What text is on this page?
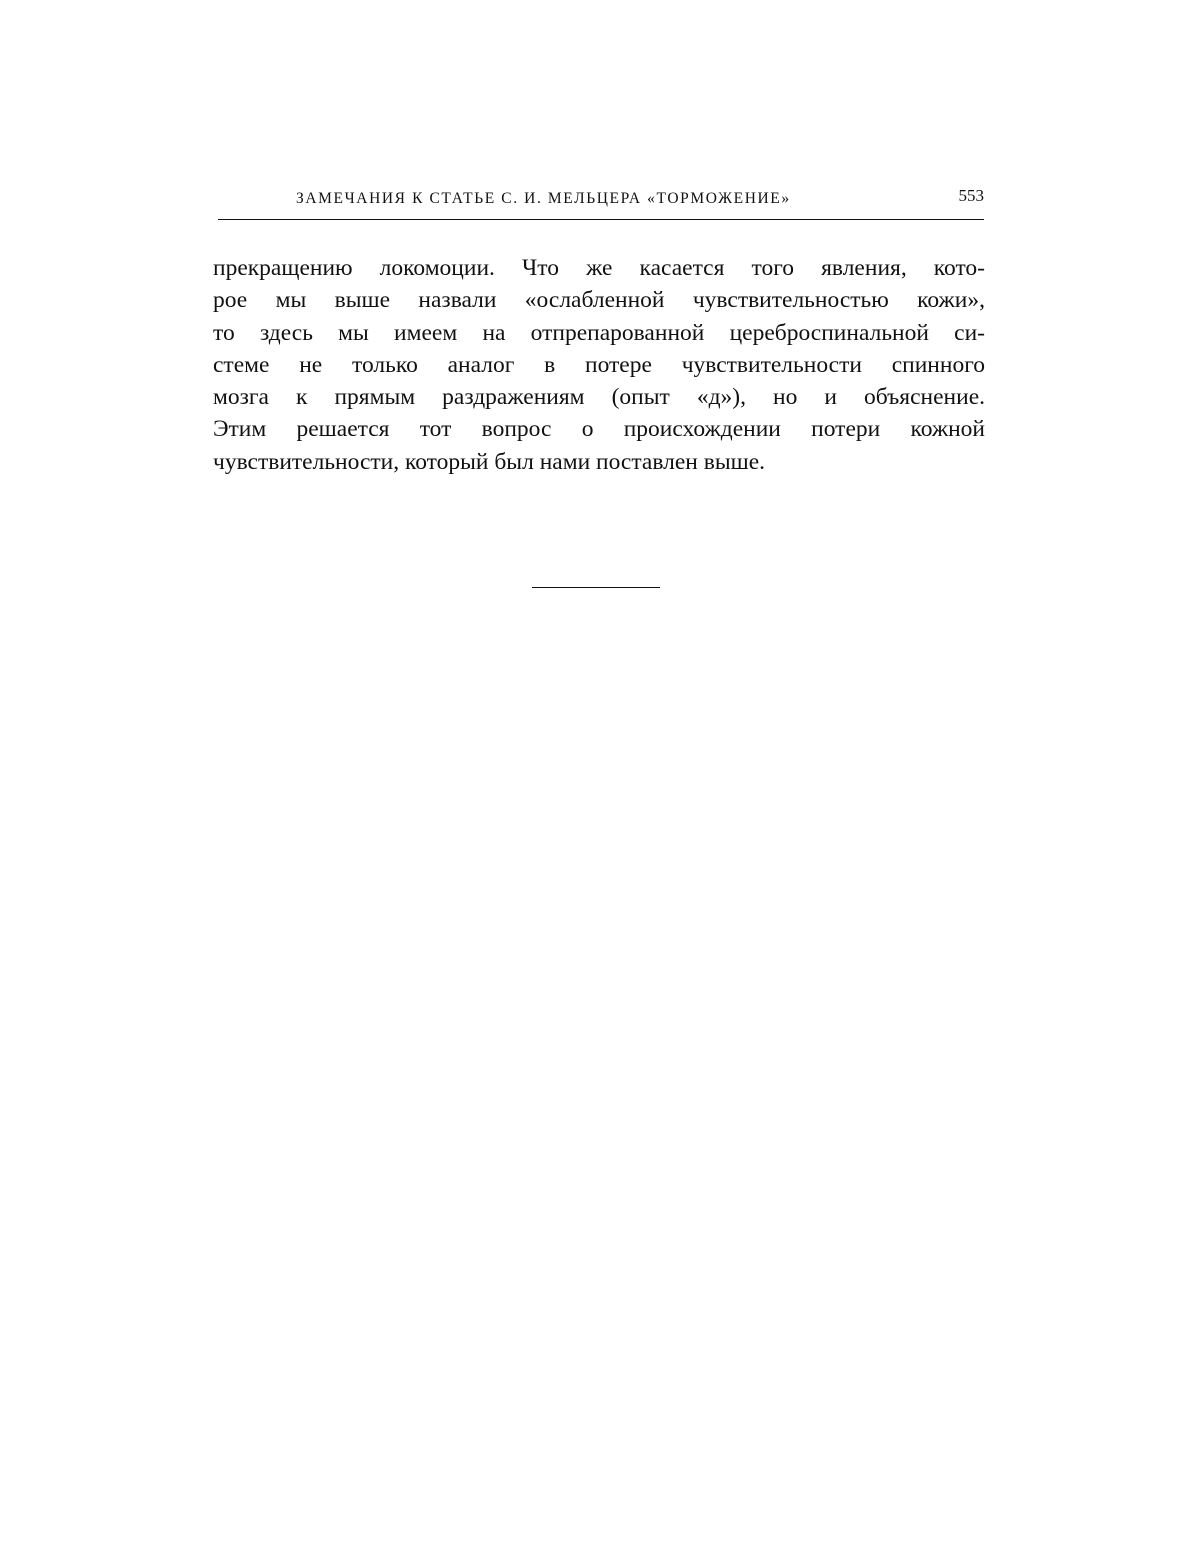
ЗАМЕЧАНИЯ К СТАТЬЕ С. И. МЕЛЬЦЕРА «ТОРМОЖЕНИЕ»	553
прекращению локомоции. Что же касается того явления, кото-
рое мы выше назвали «ослабленной чувствительностью кожи»,
то здесь мы имеем на отпрепарованной цереброспинальной си-
стеме не только аналог в потере чувствительности спинного
мозга к прямым раздражениям (опыт «д»), но и объяснение.
Этим решается тот вопрос о происхождении потери кожной
чувствительности, который был нами поставлен выше.
